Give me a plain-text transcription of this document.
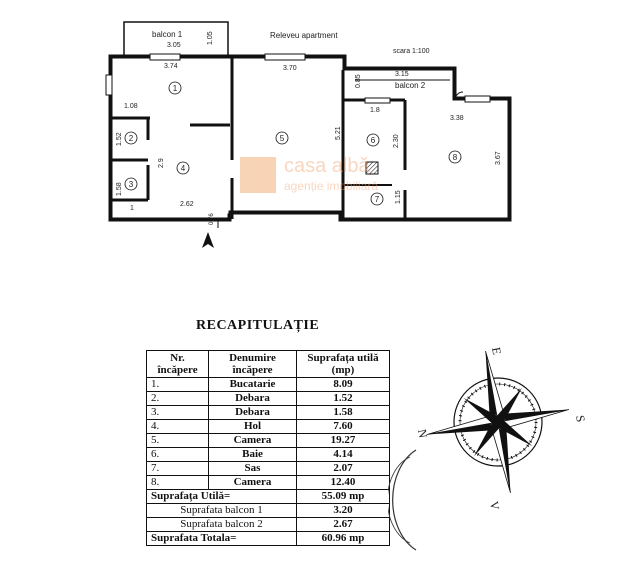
balcon 1
3.05
1.05	Releveu apartment
scara 1:100
balcon 2
3.74	3.70
3.15
0.85
1.08
1.52
2.9
1.58
1
2.62
5.21
1.8
2.30
3.38
3.67
1.15
0.76
1
2
3
4
5	6
7
8
casa albă
agenție imobiliară
RECAPITULAȚIE
Nr. încăpere	Denumire încăpere	Suprafața utilă (mp)
1.	Bucatarie	8.09
2.	Debara	1.52
3.	Debara	1.58
4.	Hol	7.60
5.	Camera	19.27
6.	Baie	4.14
7.	Sas	2.07
8.	Camera	12.40
Suprafața Utilă=		55.09 mp
Suprafata balcon 1		3.20
Suprafata balcon 2		2.67
Suprafata Totala=		60.96 mp
E
S
N
V
